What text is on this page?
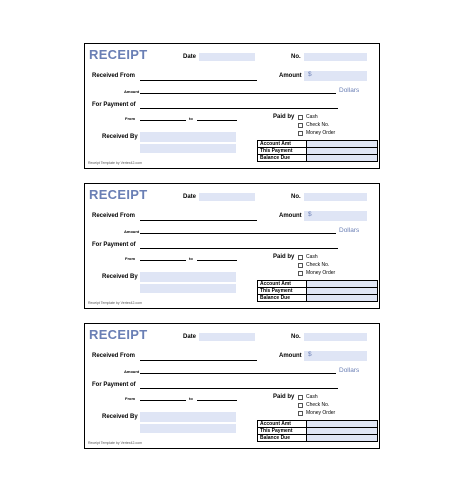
RECEIPT	Date	No.
Received From	Amount $
Amount	Dollars
For Payment of
From	to	Paid by Cash
Check No.
Money Order
Received By
Account Amt	
This Payment	
Balance Due	
Receipt Template by Vertex42.com
RECEIPT	Date	No.
Received From	Amount $
Amount	Dollars
For Payment of
From	to	Paid by Cash
Check No.
Money Order
Received By
Account Amt	
This Payment	
Balance Due	
Receipt Template by Vertex42.com
RECEIPT	Date	No.
Received From	Amount $
Amount	Dollars
For Payment of
From	to	Paid by Cash
Check No.
Money Order
Received By
Account Amt	
This Payment	
Balance Due	
Receipt Template by Vertex42.com
